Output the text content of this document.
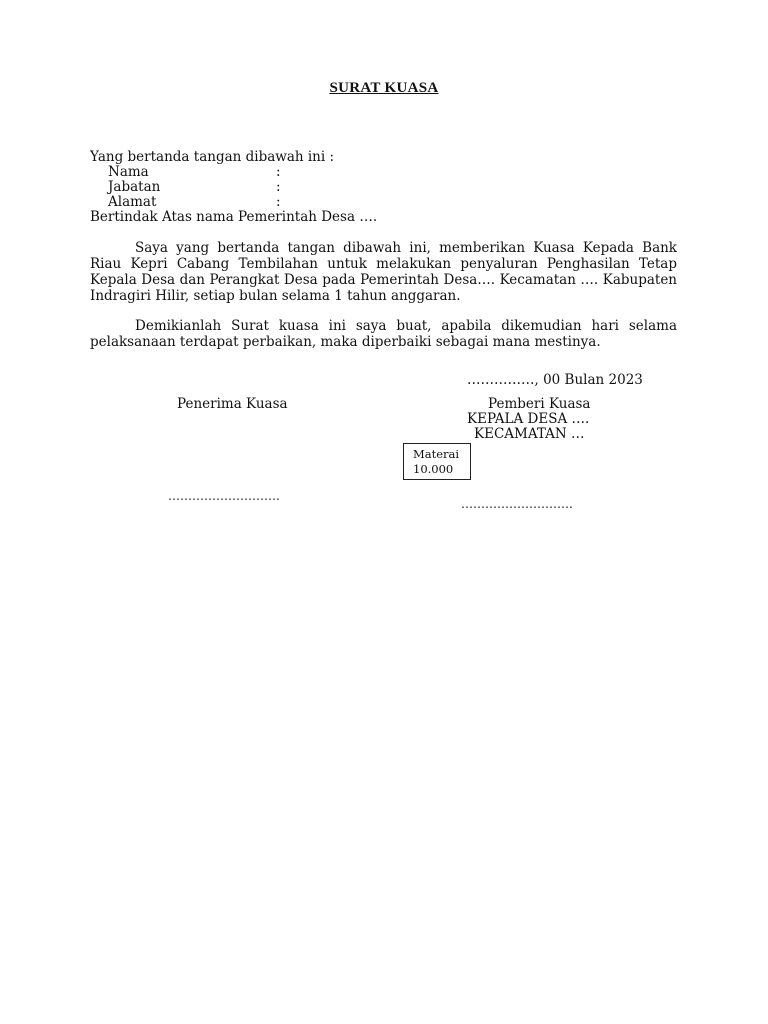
SURAT KUASA
Yang bertanda tangan dibawah ini :
Nama	:
Jabatan	:
Alamat	:
Bertindak Atas nama Pemerintah Desa ….
Saya yang bertanda tangan dibawah ini, memberikan Kuasa Kepada Bank Riau Kepri Cabang Tembilahan untuk melakukan penyaluran Penghasilan Tetap Kepala Desa dan Perangkat Desa pada Pemerintah Desa…. Kecamatan …. Kabupaten Indragiri Hilir, setiap bulan selama 1 tahun anggaran.
Demikianlah Surat kuasa ini saya buat, apabila dikemudian hari selama pelaksanaan terdapat perbaikan, maka diperbaiki sebagai mana mestinya.
……………, 00 Bulan 2023
Penerima Kuasa	Pemberi Kuasa
KEPALA DESA ….
KECAMATAN …
Materai
10.000
……………………….
……………………….
